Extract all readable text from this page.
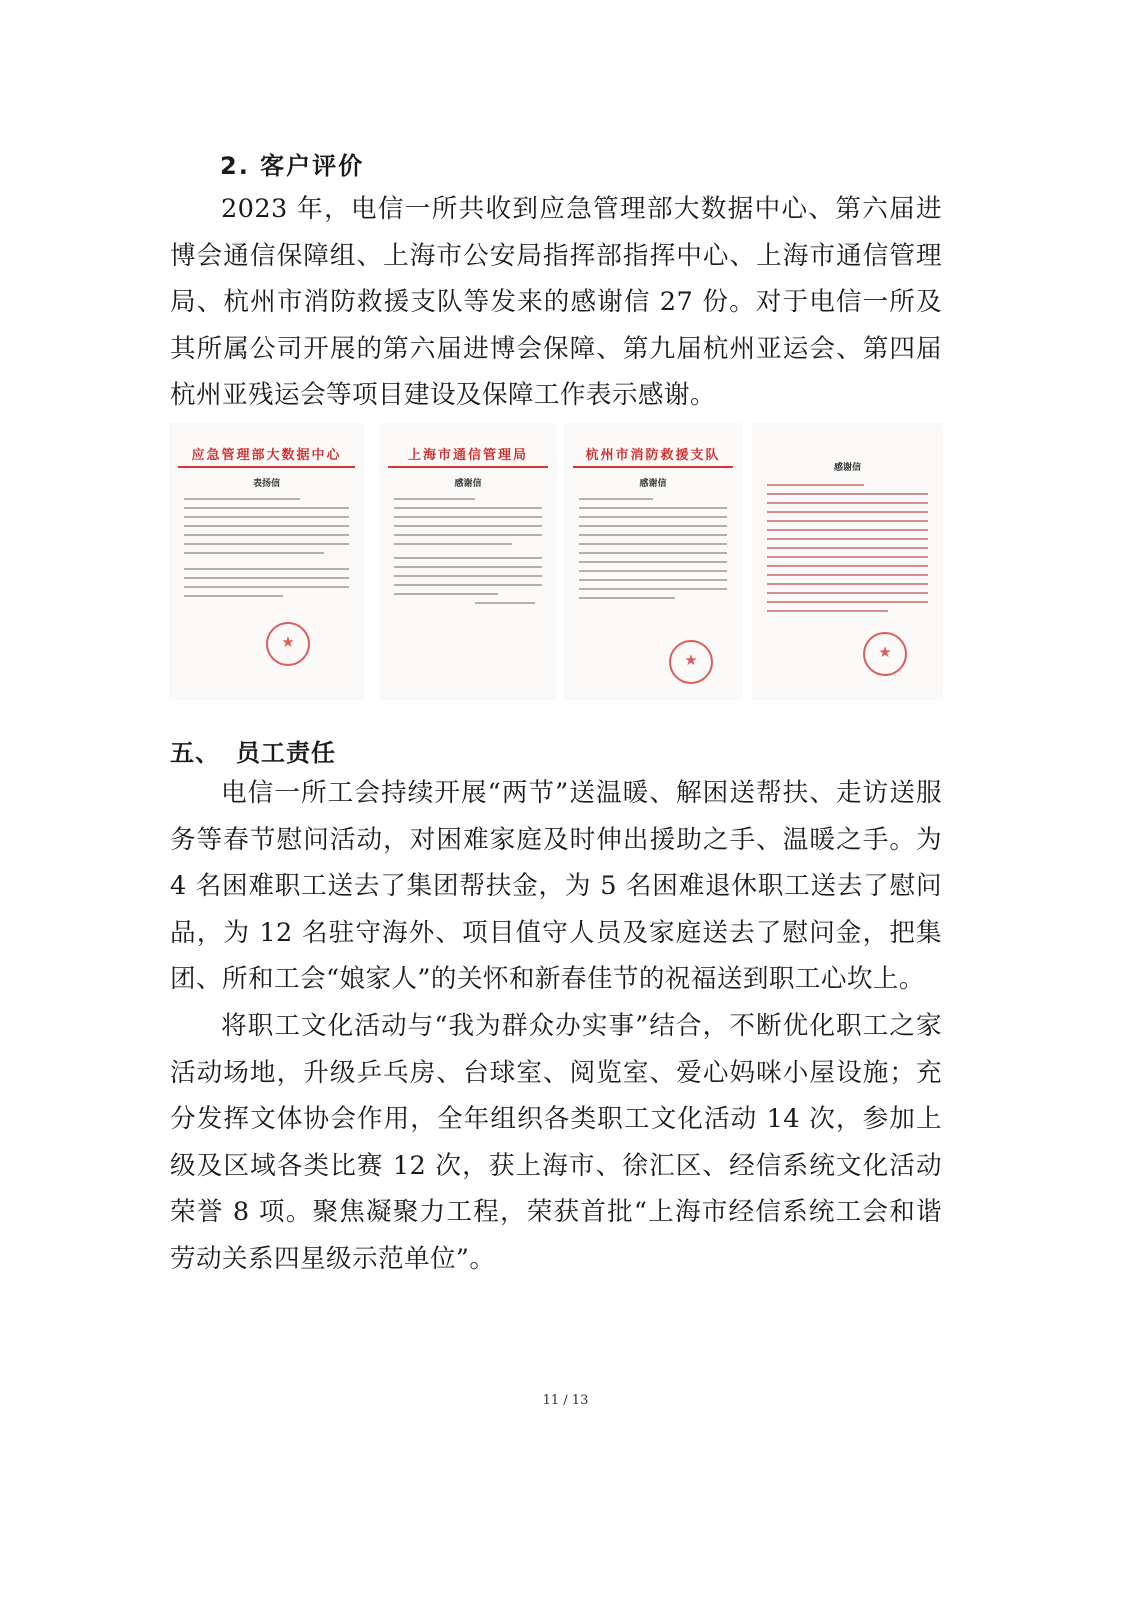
2. 客户评价
2023 年，电信一所共收到应急管理部大数据中心、第六届进博会通信保障组、上海市公安局指挥部指挥中心、上海市通信管理局、杭州市消防救援支队等发来的感谢信 27 份。对于电信一所及其所属公司开展的第六届进博会保障、第九届杭州亚运会、第四届杭州亚残运会等项目建设及保障工作表示感谢。
应急管理部大数据中心
表扬信
★
上海市通信管理局
感谢信
杭州市消防救援支队
感谢信
★
感谢信
★
五、 员工责任
电信一所工会持续开展“两节”送温暖、解困送帮扶、走访送服务等春节慰问活动，对困难家庭及时伸出援助之手、温暖之手。为 4 名困难职工送去了集团帮扶金，为 5 名困难退休职工送去了慰问品，为 12 名驻守海外、项目值守人员及家庭送去了慰问金，把集团、所和工会“娘家人”的关怀和新春佳节的祝福送到职工心坎上。
将职工文化活动与“我为群众办实事”结合，不断优化职工之家活动场地，升级乒乓房、台球室、阅览室、爱心妈咪小屋设施；充分发挥文体协会作用，全年组织各类职工文化活动 14 次，参加上级及区域各类比赛 12 次，获上海市、徐汇区、经信系统文化活动荣誉 8 项。聚焦凝聚力工程，荣获首批“上海市经信系统工会和谐劳动关系四星级示范单位”。
11 / 13
